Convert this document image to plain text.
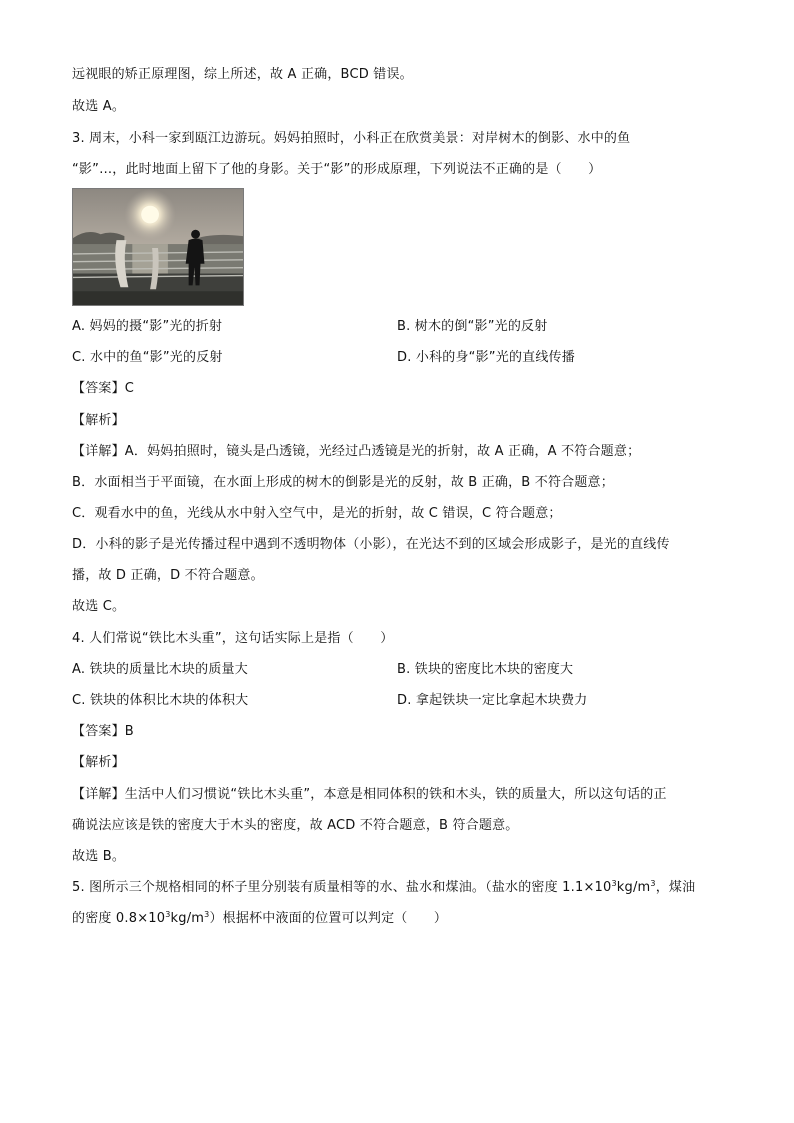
远视眼的矫正原理图，综上所述，故 A 正确，BCD 错误。
故选 A。
3. 周末，小科一家到瓯江边游玩。妈妈拍照时，小科正在欣赏美景：对岸树木的倒影、水中的鱼
“影”…，此时地面上留下了他的身影。关于“影”的形成原理，下列说法不正确的是（　　）
A. 妈妈的摄“影”光的折射	B. 树木的倒“影”光的反射
C. 水中的鱼“影”光的反射	D. 小科的身“影”光的直线传播
【答案】C
【解析】
【详解】A．妈妈拍照时，镜头是凸透镜，光经过凸透镜是光的折射，故 A 正确，A 不符合题意；
B．水面相当于平面镜，在水面上形成的树木的倒影是光的反射，故 B 正确，B 不符合题意；
C．观看水中的鱼，光线从水中射入空气中，是光的折射，故 C 错误，C 符合题意；
D．小科的影子是光传播过程中遇到不透明物体（小影），在光达不到的区域会形成影子，是光的直线传
播，故 D 正确，D 不符合题意。
故选 C。
4. 人们常说“铁比木头重”，这句话实际上是指（　　）
A. 铁块的质量比木块的质量大	B. 铁块的密度比木块的密度大
C. 铁块的体积比木块的体积大	D. 拿起铁块一定比拿起木块费力
【答案】B
【解析】
【详解】生活中人们习惯说“铁比木头重”，本意是相同体积的铁和木头，铁的质量大，所以这句话的正
确说法应该是铁的密度大于木头的密度，故 ACD 不符合题意，B 符合题意。
故选 B。
5. 图所示三个规格相同的杯子里分别装有质量相等的水、盐水和煤油。（盐水的密度 $1.1\times 10^3kg/m^3$，煤油
的密度 $0.8\times 10^3kg/m^3$）根据杯中液面的位置可以判定（　　）
